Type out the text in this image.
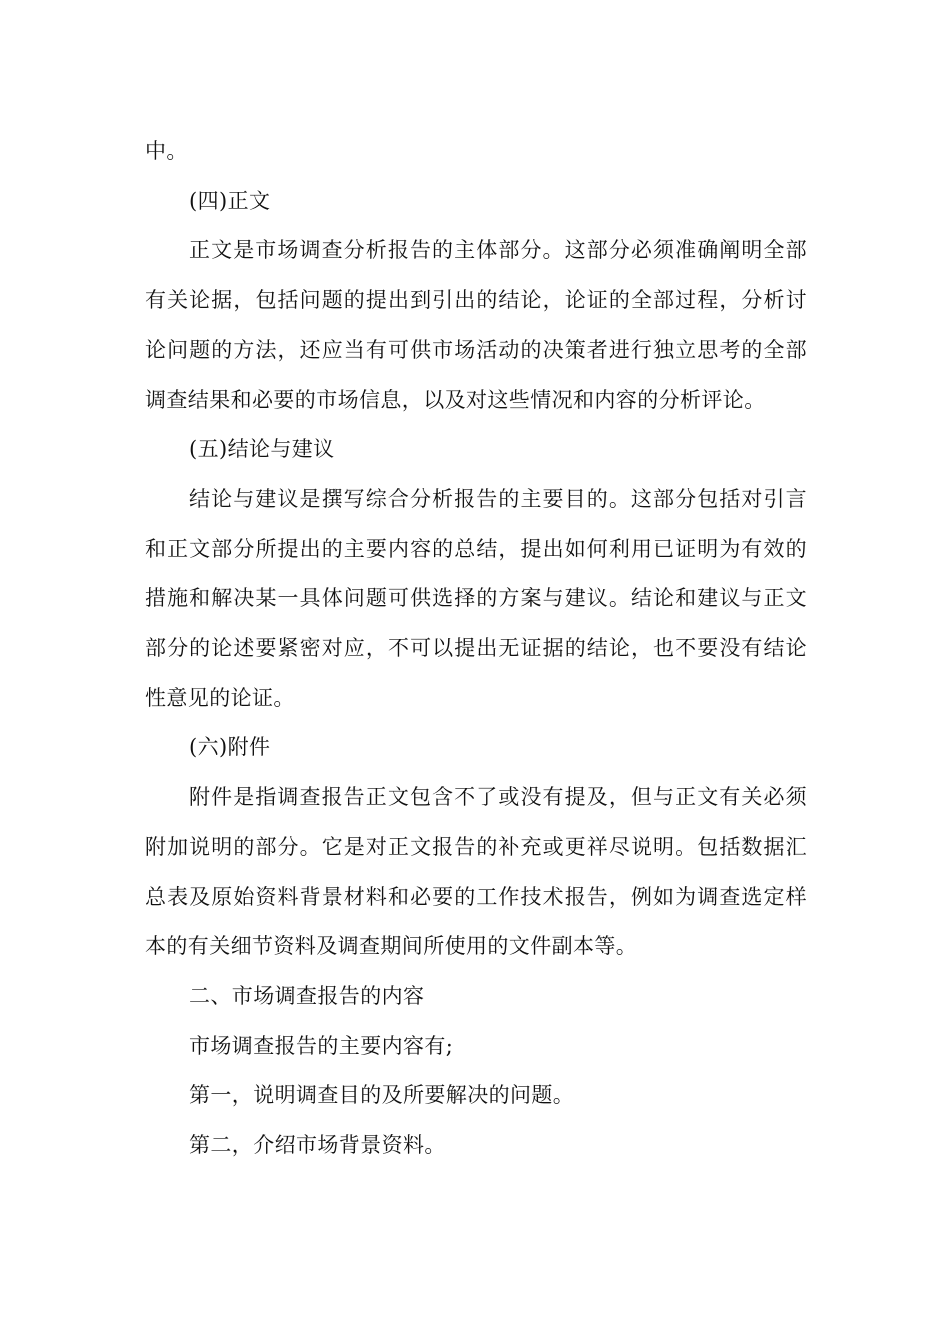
中。

(四)正文

正文是市场调查分析报告的主体部分。这部分必须准确阐明全部有关论据，包括问题的提出到引出的结论，论证的全部过程，分析讨论问题的方法，还应当有可供市场活动的决策者进行独立思考的全部调查结果和必要的市场信息，以及对这些情况和内容的分析评论。

(五)结论与建议

结论与建议是撰写综合分析报告的主要目的。这部分包括对引言和正文部分所提出的主要内容的总结，提出如何利用已证明为有效的措施和解决某一具体问题可供选择的方案与建议。结论和建议与正文部分的论述要紧密对应，不可以提出无证据的结论，也不要没有结论性意见的论证。

(六)附件

附件是指调查报告正文包含不了或没有提及，但与正文有关必须附加说明的部分。它是对正文报告的补充或更祥尽说明。包括数据汇总表及原始资料背景材料和必要的工作技术报告，例如为调查选定样本的有关细节资料及调查期间所使用的文件副本等。

二、市场调查报告的内容

市场调查报告的主要内容有;

第一，说明调查目的及所要解决的问题。

第二，介绍市场背景资料。
